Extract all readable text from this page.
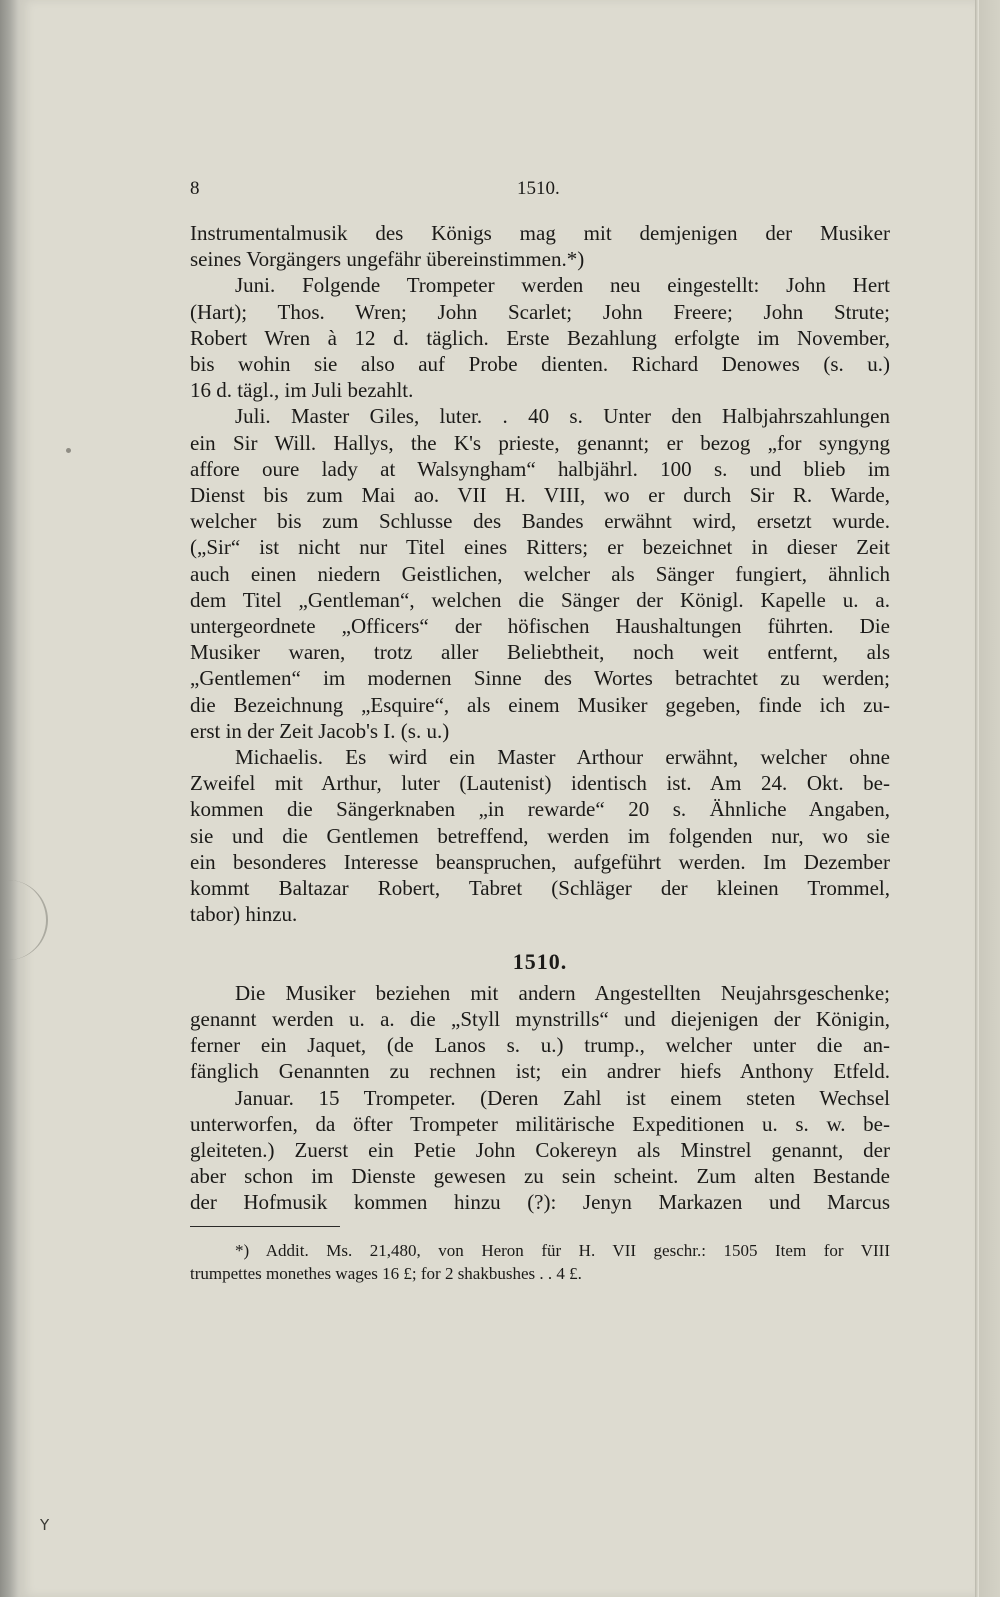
8	1510.
Instrumentalmusik des Königs mag mit demjenigen der Musiker
seines Vorgängers ungefähr übereinstimmen.*)
Juni. Folgende Trompeter werden neu eingestellt: John Hert
(Hart); Thos. Wren; John Scarlet; John Freere; John Strute;
Robert Wren à 12 d. täglich. Erste Bezahlung erfolgte im November,
bis wohin sie also auf Probe dienten. Richard Denowes (s. u.)
16 d. tägl., im Juli bezahlt.
Juli. Master Giles, luter. . 40 s. Unter den Halbjahrszahlungen
ein Sir Will. Hallys, the K's prieste, genannt; er bezog „for syngyng
affore oure lady at Walsyngham“ halbjährl. 100 s. und blieb im
Dienst bis zum Mai ao. VII H. VIII, wo er durch Sir R. Warde,
welcher bis zum Schlusse des Bandes erwähnt wird, ersetzt wurde.
(„Sir“ ist nicht nur Titel eines Ritters; er bezeichnet in dieser Zeit
auch einen niedern Geistlichen, welcher als Sänger fungiert, ähnlich
dem Titel „Gentleman“, welchen die Sänger der Königl. Kapelle u. a.
untergeordnete „Officers“ der höfischen Haushaltungen führten. Die
Musiker waren, trotz aller Beliebtheit, noch weit entfernt, als
„Gentlemen“ im modernen Sinne des Wortes betrachtet zu werden;
die Bezeichnung „Esquire“, als einem Musiker gegeben, finde ich zu-
erst in der Zeit Jacob's I. (s. u.)
Michaelis. Es wird ein Master Arthour erwähnt, welcher ohne
Zweifel mit Arthur, luter (Lautenist) identisch ist. Am 24. Okt. be-
kommen die Sängerknaben „in rewarde“ 20 s. Ähnliche Angaben,
sie und die Gentlemen betreffend, werden im folgenden nur, wo sie
ein besonderes Interesse beanspruchen, aufgeführt werden. Im Dezember
kommt Baltazar Robert, Tabret (Schläger der kleinen Trommel,
tabor) hinzu.
1510.
Die Musiker beziehen mit andern Angestellten Neujahrsgeschenke;
genannt werden u. a. die „Styll mynstrills“ und diejenigen der Königin,
ferner ein Jaquet, (de Lanos s. u.) trump., welcher unter die an-
fänglich Genannten zu rechnen ist; ein andrer hiefs Anthony Etfeld.
Januar. 15 Trompeter. (Deren Zahl ist einem steten Wechsel
unterworfen, da öfter Trompeter militärische Expeditionen u. s. w. be-
gleiteten.) Zuerst ein Petie John Cokereyn als Minstrel genannt, der
aber schon im Dienste gewesen zu sein scheint. Zum alten Bestande
der Hofmusik kommen hinzu (?): Jenyn Markazen und Marcus
*) Addit. Ms. 21,480, von Heron für H. VII geschr.: 1505 Item for VIII
trumpettes monethes wages 16 £; for 2 shakbushes . . 4 £.
Y
